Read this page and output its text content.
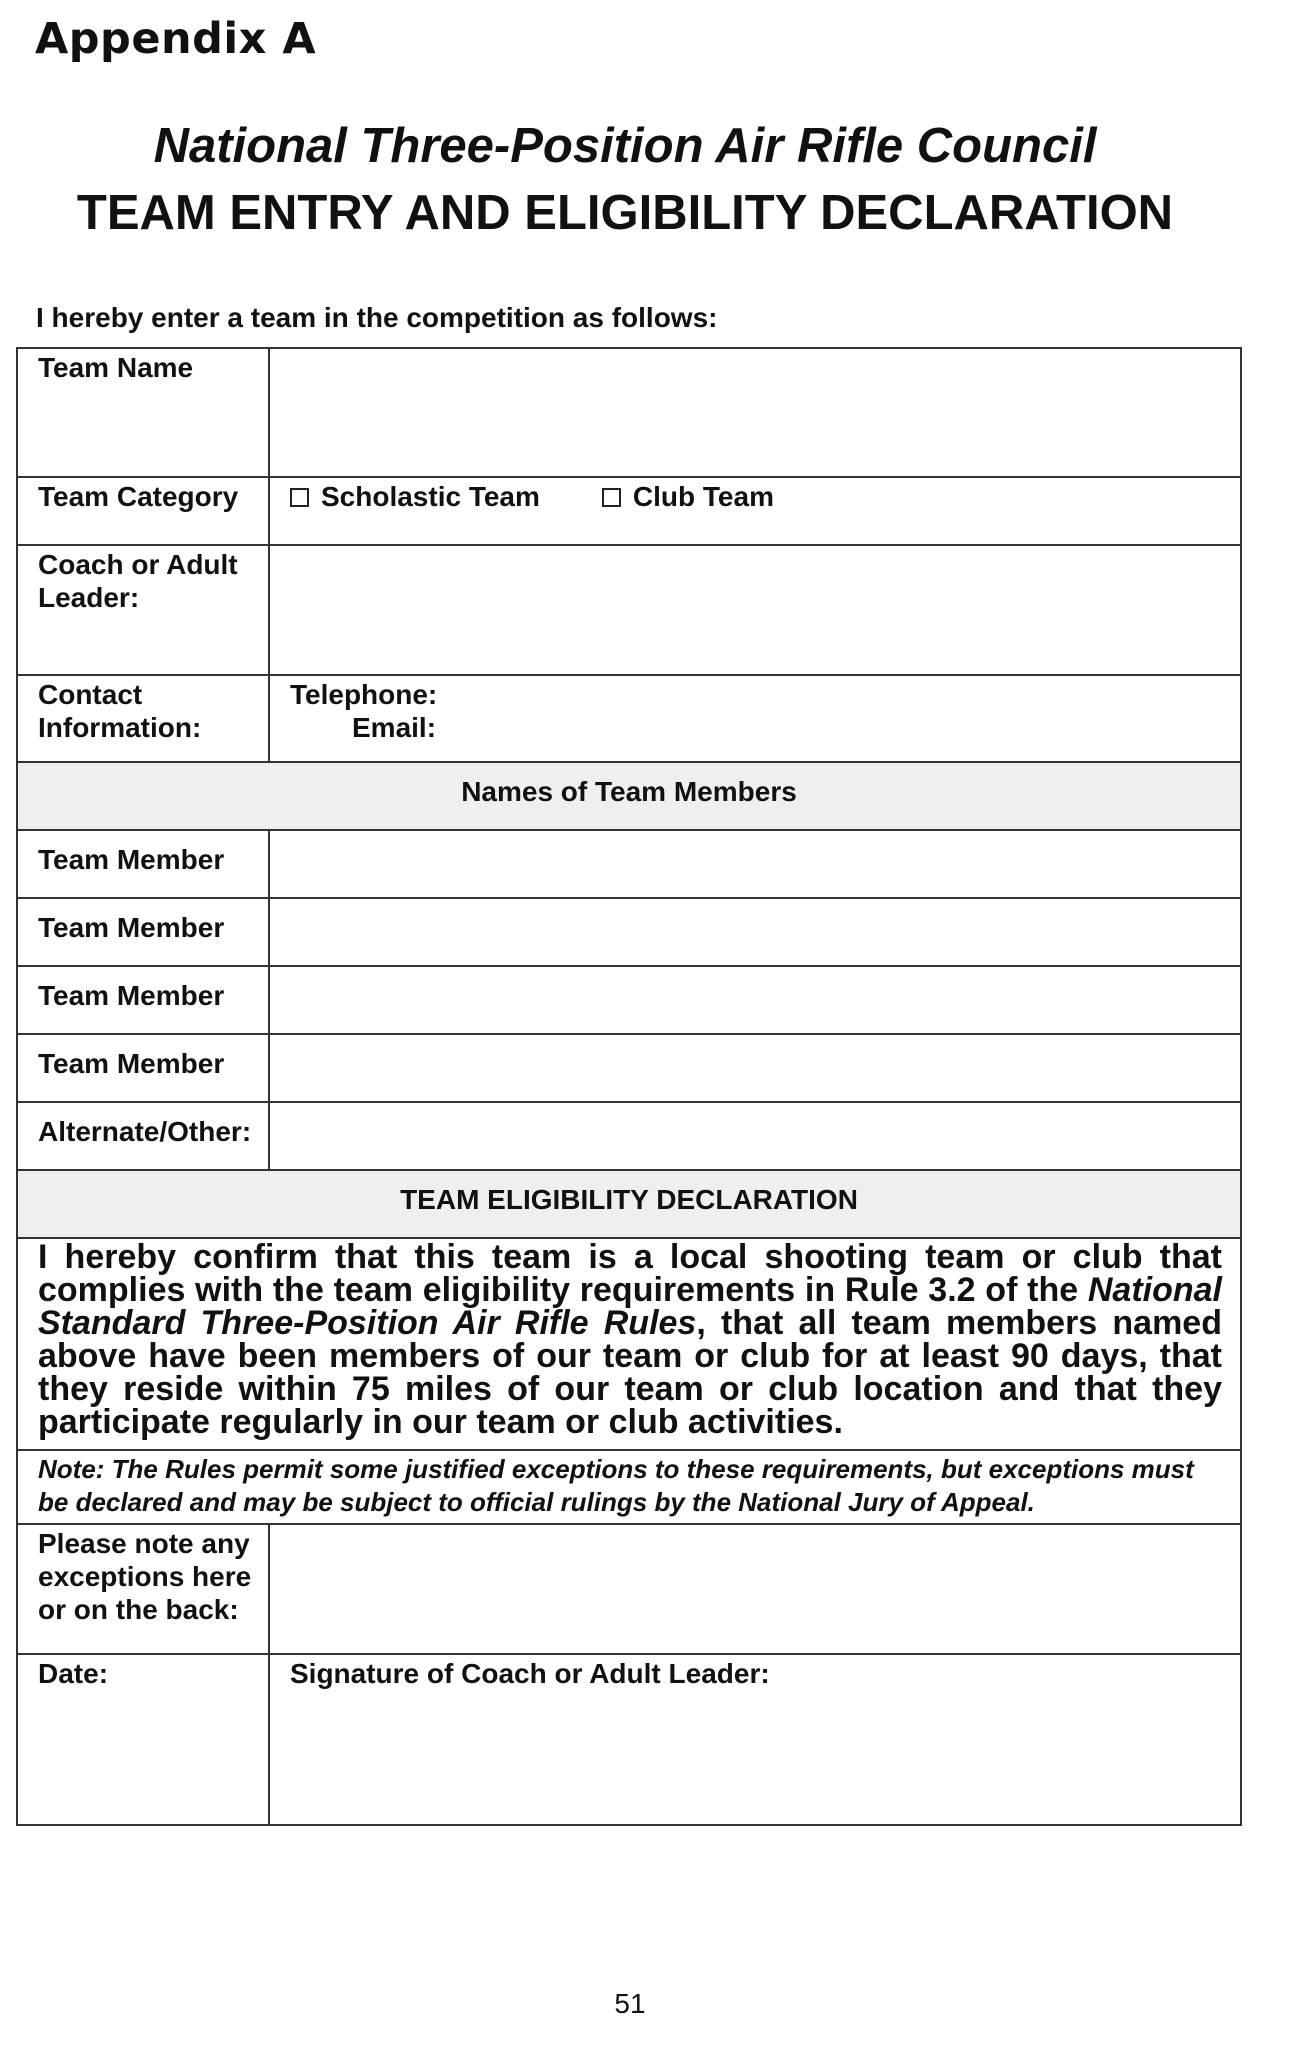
Appendix A
National Three-Position Air Rifle Council
TEAM ENTRY AND ELIGIBILITY DECLARATION
I hereby enter a team in the competition as follows:
Team Name	
Team Category	Scholastic Team Club Team
Coach or Adult Leader:	
Contact Information:	Telephone:
Email:

Names of Team Members	
Team Member	
Team Member	
Team Member	
Team Member	
Alternate/Other:	
TEAM ELIGIBILITY DECLARATION	
I hereby confirm that this team is a local shooting team or club that complies with the team eligibility requirements in Rule 3.2 of the National Standard Three-Position Air Rifle Rules, that all team members named above have been members of our team or club for at least 90 days, that they reside within 75 miles of our team or club location and that they participate regularly in our team or club activities.	
Note: The Rules permit some justified exceptions to these requirements, but exceptions must be declared and may be subject to official rulings by the National Jury of Appeal.	
Please note any exceptions here or on the back:	
Date:	Signature of Coach or Adult Leader:
51
